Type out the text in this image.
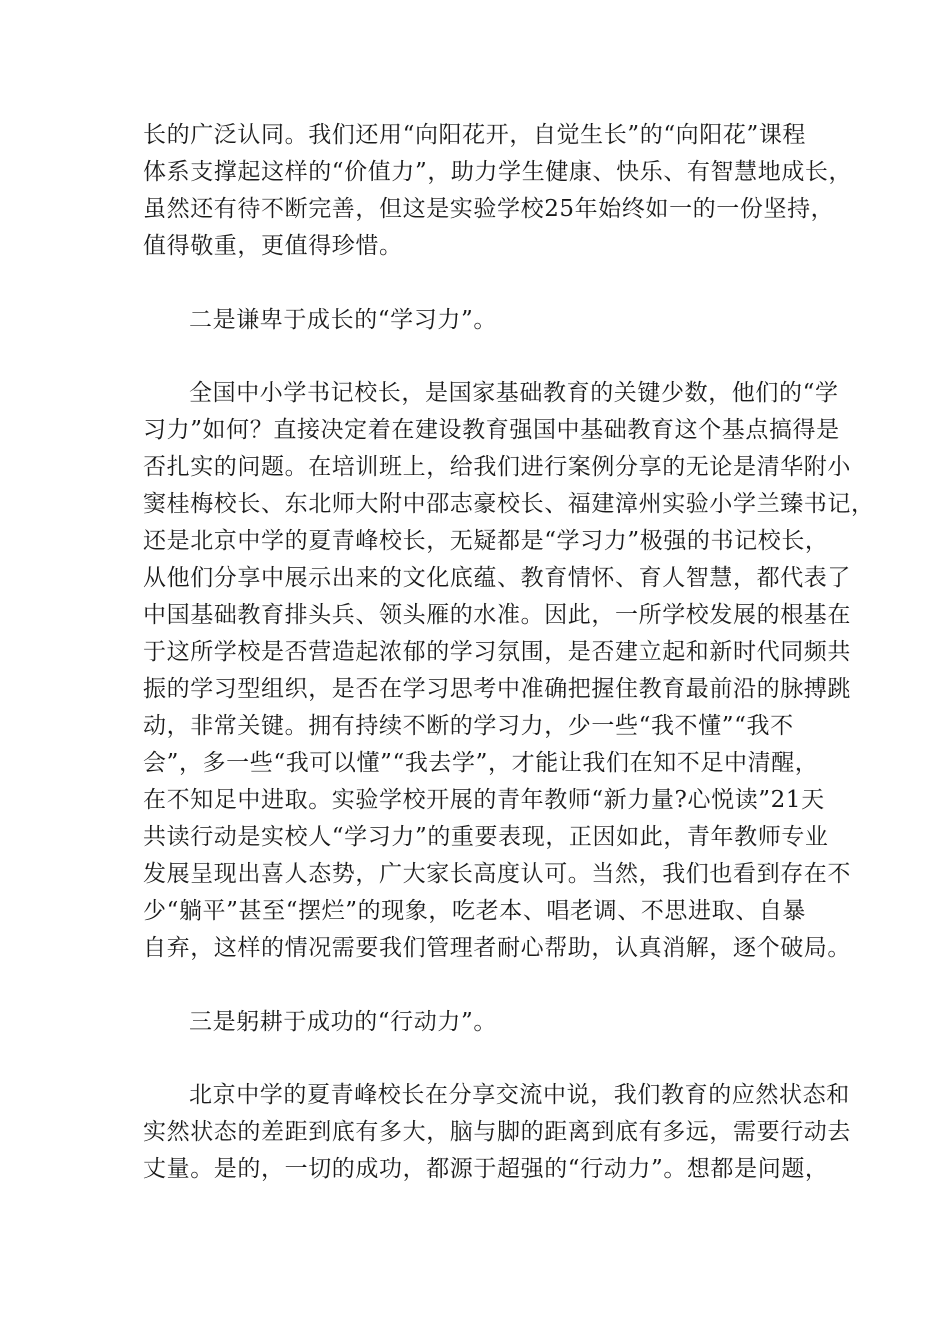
长的广泛认同。我们还用“向阳花开，自觉生长”的“向阳花”课程
体系支撑起这样的“价值力”，助力学生健康、快乐、有智慧地成长，
虽然还有待不断完善，但这是实验学校25年始终如一的一份坚持，
值得敬重，更值得珍惜。
二是谦卑于成长的“学习力”。
全国中小学书记校长，是国家基础教育的关键少数，他们的“学
习力”如何？直接决定着在建设教育强国中基础教育这个基点搞得是
否扎实的问题。在培训班上，给我们进行案例分享的无论是清华附小
窦桂梅校长、东北师大附中邵志豪校长、福建漳州实验小学兰臻书记，
还是北京中学的夏青峰校长，无疑都是“学习力”极强的书记校长，
从他们分享中展示出来的文化底蕴、教育情怀、育人智慧，都代表了
中国基础教育排头兵、领头雁的水准。因此，一所学校发展的根基在
于这所学校是否营造起浓郁的学习氛围，是否建立起和新时代同频共
振的学习型组织，是否在学习思考中准确把握住教育最前沿的脉搏跳
动，非常关键。拥有持续不断的学习力，少一些“我不懂”“我不
会”，多一些“我可以懂”“我去学”，才能让我们在知不足中清醒，
在不知足中进取。实验学校开展的青年教师“新力量?心悦读”21天
共读行动是实校人“学习力”的重要表现，正因如此，青年教师专业
发展呈现出喜人态势，广大家长高度认可。当然，我们也看到存在不
少“躺平”甚至“摆烂”的现象，吃老本、唱老调、不思进取、自暴
自弃，这样的情况需要我们管理者耐心帮助，认真消解，逐个破局。
三是躬耕于成功的“行动力”。
北京中学的夏青峰校长在分享交流中说，我们教育的应然状态和
实然状态的差距到底有多大，脑与脚的距离到底有多远，需要行动去
丈量。是的，一切的成功，都源于超强的“行动力”。想都是问题，
